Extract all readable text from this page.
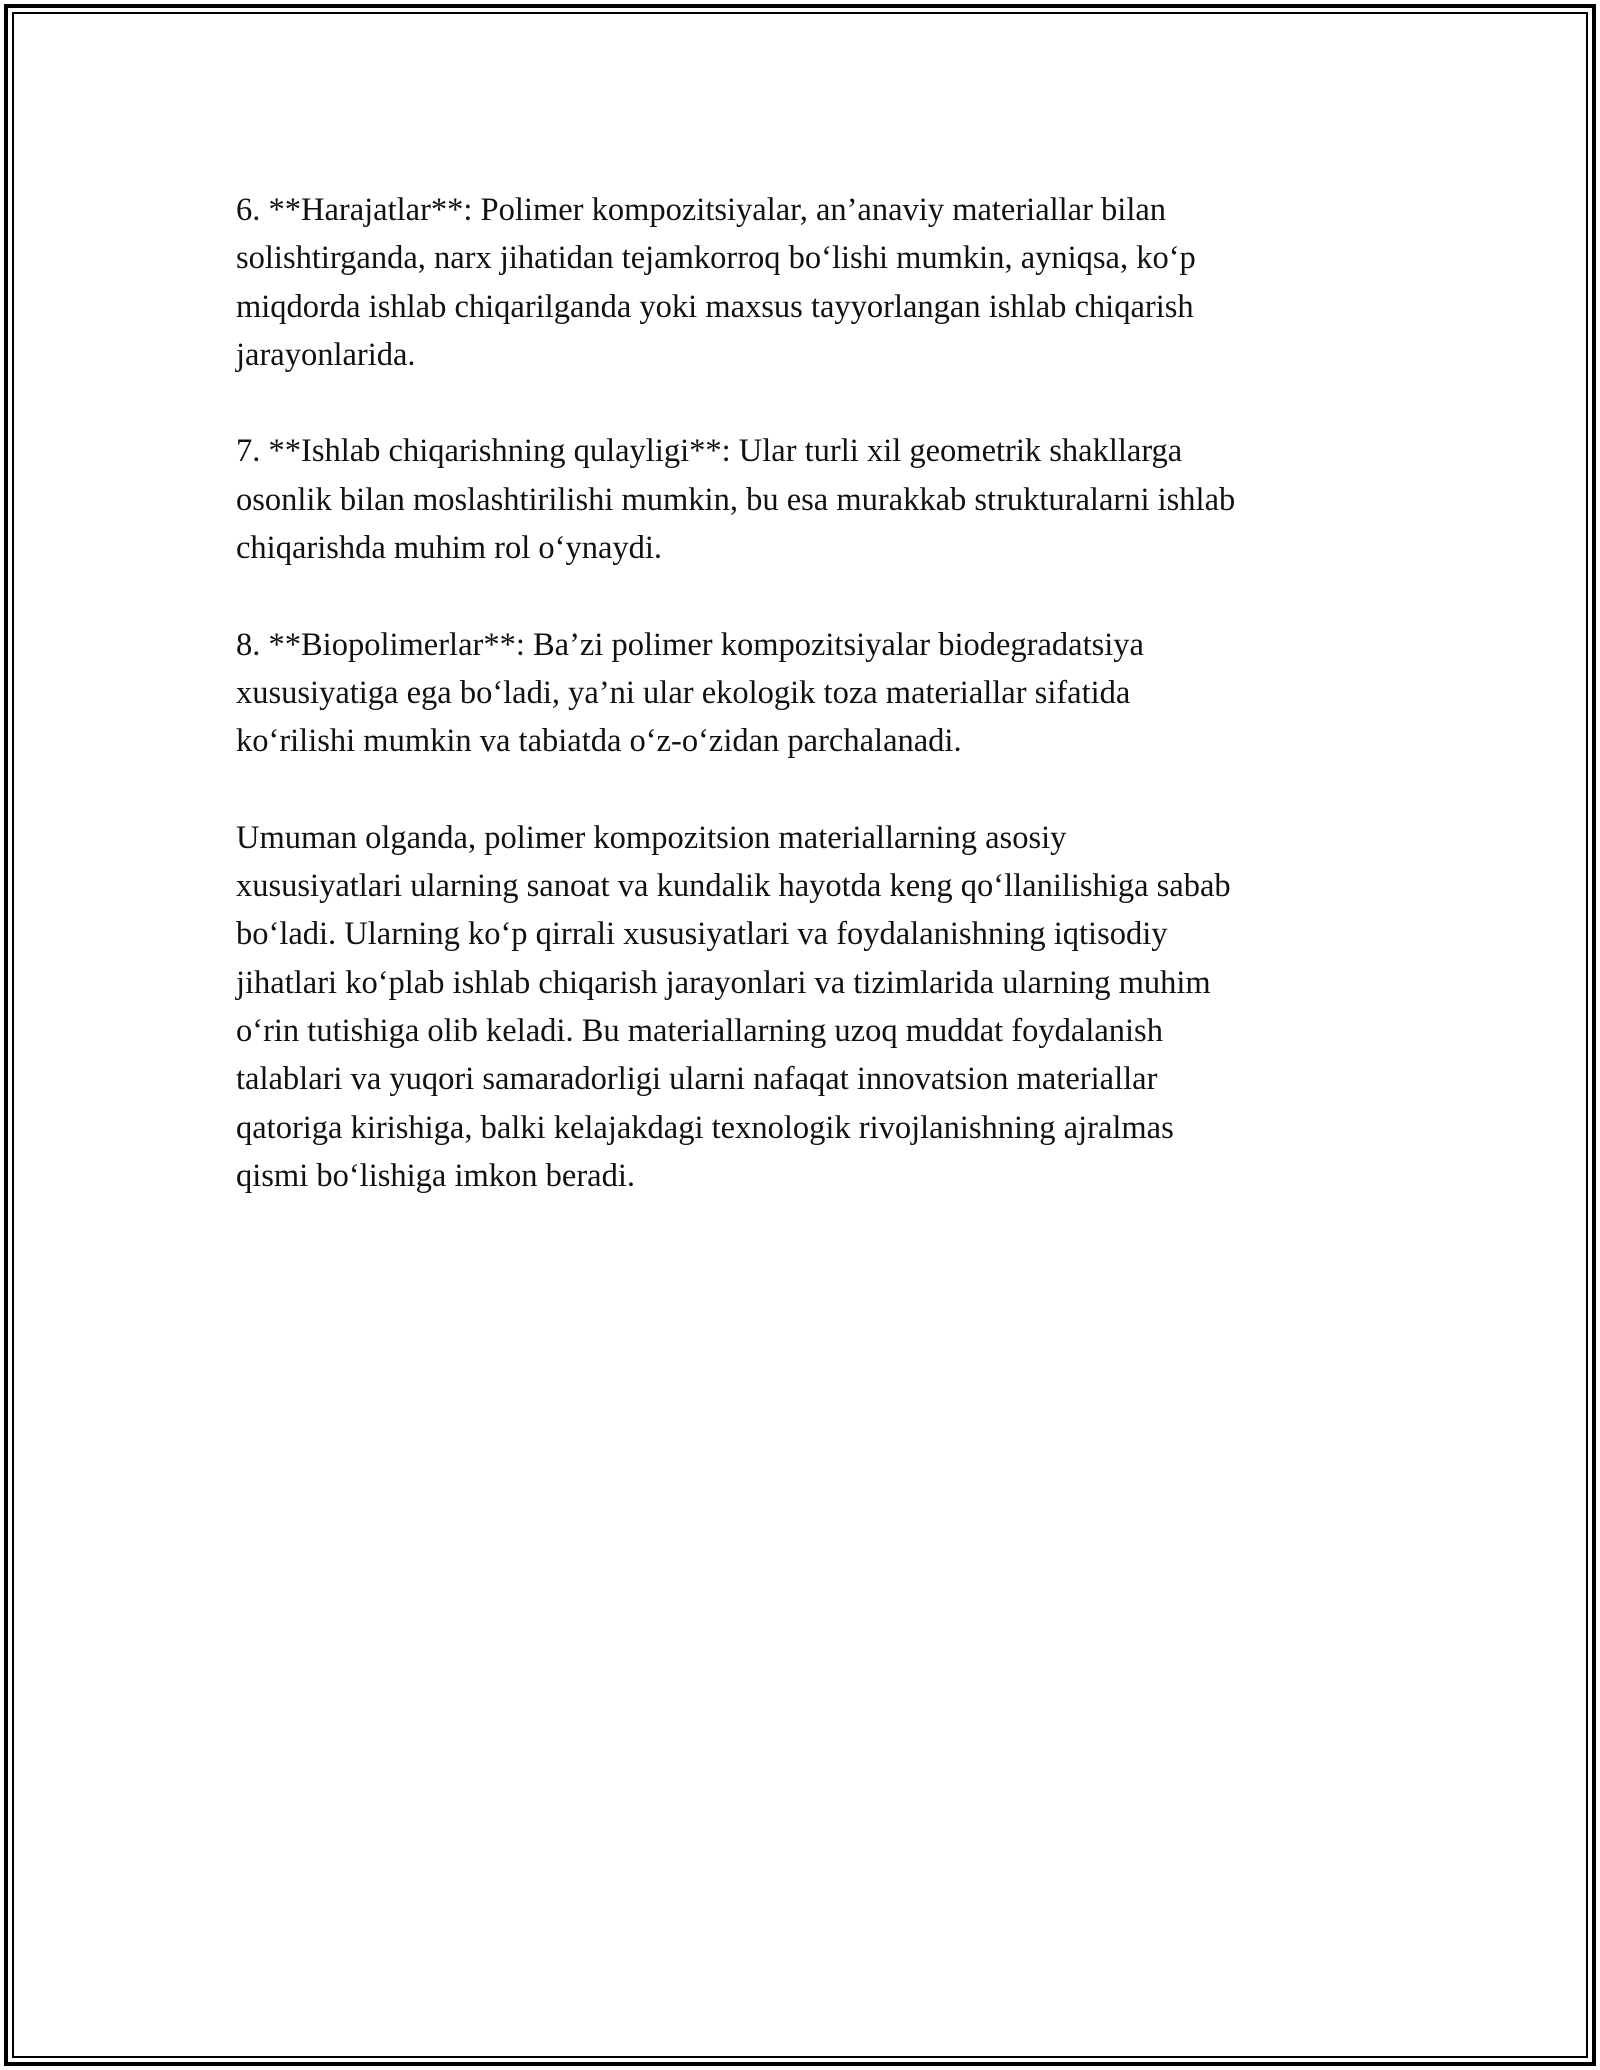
6. **Harajatlar**: Polimer kompozitsiyalar, an’anaviy materiallar bilan
solishtirganda, narx jihatidan tejamkorroq boʻlishi mumkin, ayniqsa, koʻp
miqdorda ishlab chiqarilganda yoki maxsus tayyorlangan ishlab chiqarish
jarayonlarida.

7. **Ishlab chiqarishning qulayligi**: Ular turli xil geometrik shakllarga
osonlik bilan moslashtirilishi mumkin, bu esa murakkab strukturalarni ishlab
chiqarishda muhim rol oʻynaydi.

8. **Biopolimerlar**: Ba’zi polimer kompozitsiyalar biodegradatsiya
xususiyatiga ega boʻladi, ya’ni ular ekologik toza materiallar sifatida
koʻrilishi mumkin va tabiatda oʻz-oʻzidan parchalanadi.

Umuman olganda, polimer kompozitsion materiallarning asosiy
xususiyatlari ularning sanoat va kundalik hayotda keng qoʻllanilishiga sabab
boʻladi. Ularning koʻp qirrali xususiyatlari va foydalanishning iqtisodiy
jihatlari koʻplab ishlab chiqarish jarayonlari va tizimlarida ularning muhim
oʻrin tutishiga olib keladi. Bu materiallarning uzoq muddat foydalanish
talablari va yuqori samaradorligi ularni nafaqat innovatsion materiallar
qatoriga kirishiga, balki kelajakdagi texnologik rivojlanishning ajralmas
qismi boʻlishiga imkon beradi.
